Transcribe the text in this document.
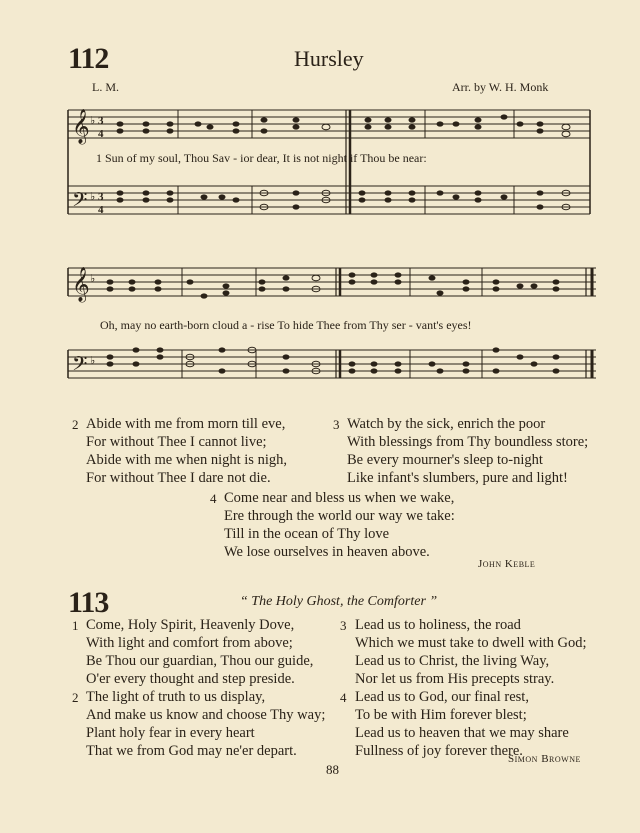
112	Hursley
L. M.	Arr. by W. H. Monk
𝄞
𝄢
♭
♭
3
4
3
4
𝄞 ♭
1 Sun of my soul, Thou Sav - ior dear, It is not night if Thou be near:
Oh, may no earth-born cloud a - rise To hide Thee from Thy ser - vant's eyes!
𝄢 ♭
2 Abide with me from morn till eve,
For without Thee I cannot live;
Abide with me when night is nigh,
For without Thee I dare not die.
3 Watch by the sick, enrich the poor
With blessings from Thy boundless store;
Be every mourner's sleep to-night
Like infant's slumbers, pure and light!
4 Come near and bless us when we wake,
Ere through the world our way we take:
Till in the ocean of Thy love
We lose ourselves in heaven above.
John Keble
113	“ The Holy Ghost, the Comforter ”
1 Come, Holy Spirit, Heavenly Dove,
With light and comfort from above;
Be Thou our guardian, Thou our guide,
O'er every thought and step preside.
2 The light of truth to us display,
And make us know and choose Thy way;
Plant holy fear in every heart
That we from God may ne'er depart.
3 Lead us to holiness, the road
Which we must take to dwell with God;
Lead us to Christ, the living Way,
Nor let us from His precepts stray.
4 Lead us to God, our final rest,
To be with Him forever blest;
Lead us to heaven that we may share
Fullness of joy forever there.
Simon Browne
88
